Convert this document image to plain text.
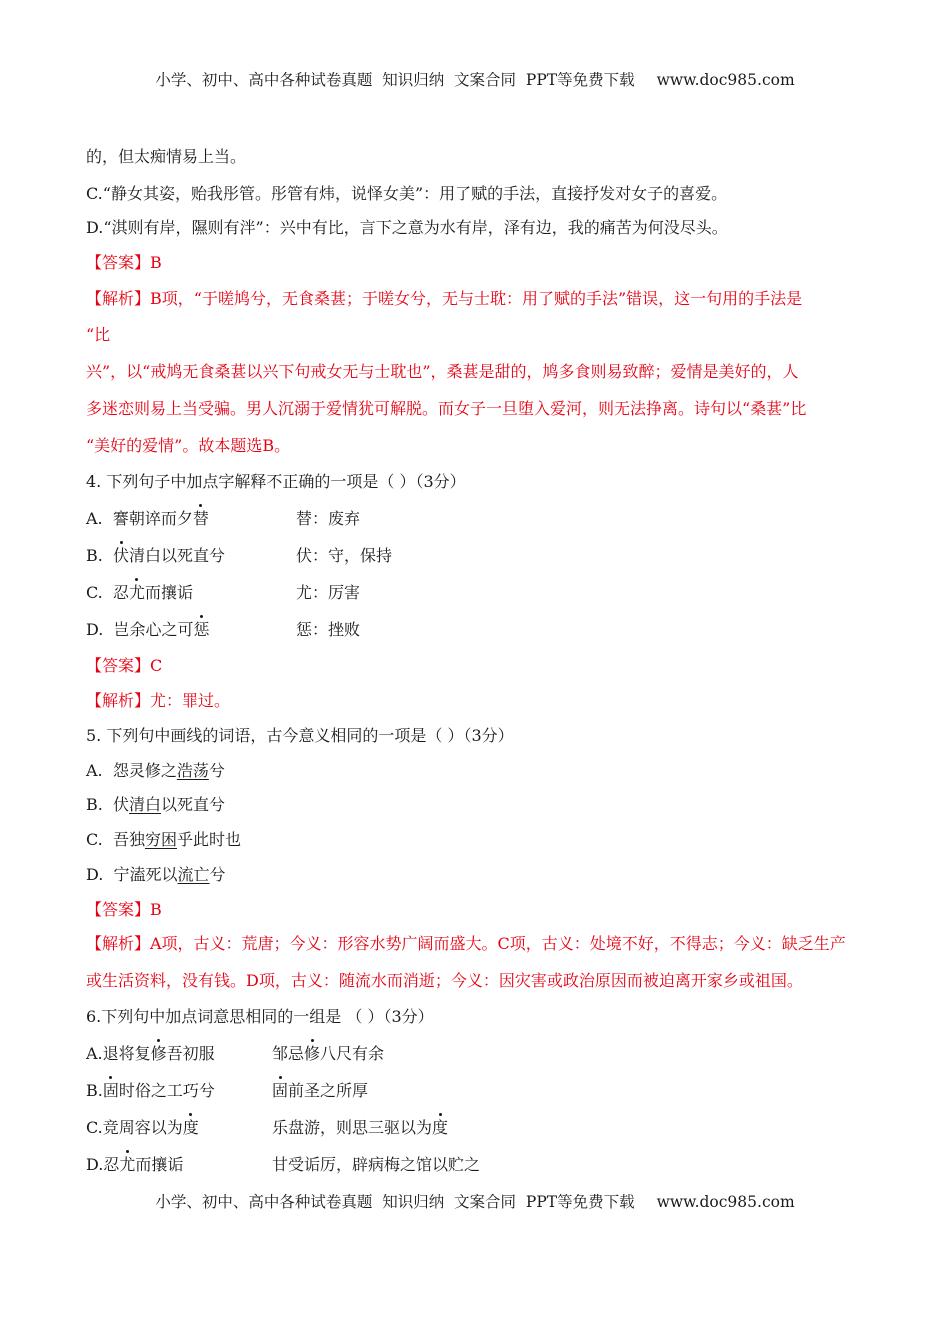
小学、初中、高中各种试卷真题  知识归纳  文案合同  PPT等免费下载 www.doc985.com
的，但太痴情易上当。
C.“静女其姿，贻我彤管。彤管有炜，说怿女美”：用了赋的手法，直接抒发对女子的喜爱。
D.“淇则有岸，隰则有泮”：兴中有比，言下之意为水有岸，泽有边，我的痛苦为何没尽头。
【答案】B
【解析】B项，“于嗟鸠兮，无食桑葚；于嗟女兮，无与士耽：用了赋的手法”错误，这一句用的手法是
“比
兴”，以“戒鸠无食桑葚以兴下句戒女无与士耽也”，桑葚是甜的，鸠多食则易致醉；爱情是美好的，人
多迷恋则易上当受骗。男人沉溺于爱情犹可解脱。而女子一旦堕入爱河，则无法挣离。诗句以“桑葚”比
“美好的爱情”。故本题选B。
4. 下列句子中加点字解释不正确的一项是（ ）（3分）
A. 謇朝谇而夕替	替：废弃
B. 伏清白以死直兮	伏：守，保持
C. 忍尤而攘诟	尤：厉害
D. 岂余心之可惩	惩：挫败
【答案】C
【解析】尤：罪过。
5. 下列句中画线的词语，古今意义相同的一项是（ ）（3分）
A. 怨灵修之浩荡兮
B. 伏清白以死直兮
C. 吾独穷困乎此时也
D. 宁溘死以流亡兮
【答案】B
【解析】A项，古义：荒唐；今义：形容水势广阔而盛大。C项，古义：处境不好，不得志；今义：缺乏生产
或生活资料，没有钱。D项，古义：随流水而消逝；今义：因灾害或政治原因而被迫离开家乡或祖国。
6.下列句中加点词意思相同的一组是 （ ）（3分）
A.退将复修吾初服	邹忌修八尺有余
B.固时俗之工巧兮	固前圣之所厚
C.竞周容以为度	乐盘游，则思三驱以为度
D.忍尤而攘诟	甘受诟厉，辟病梅之馆以贮之
小学、初中、高中各种试卷真题  知识归纳  文案合同  PPT等免费下载 www.doc985.com
